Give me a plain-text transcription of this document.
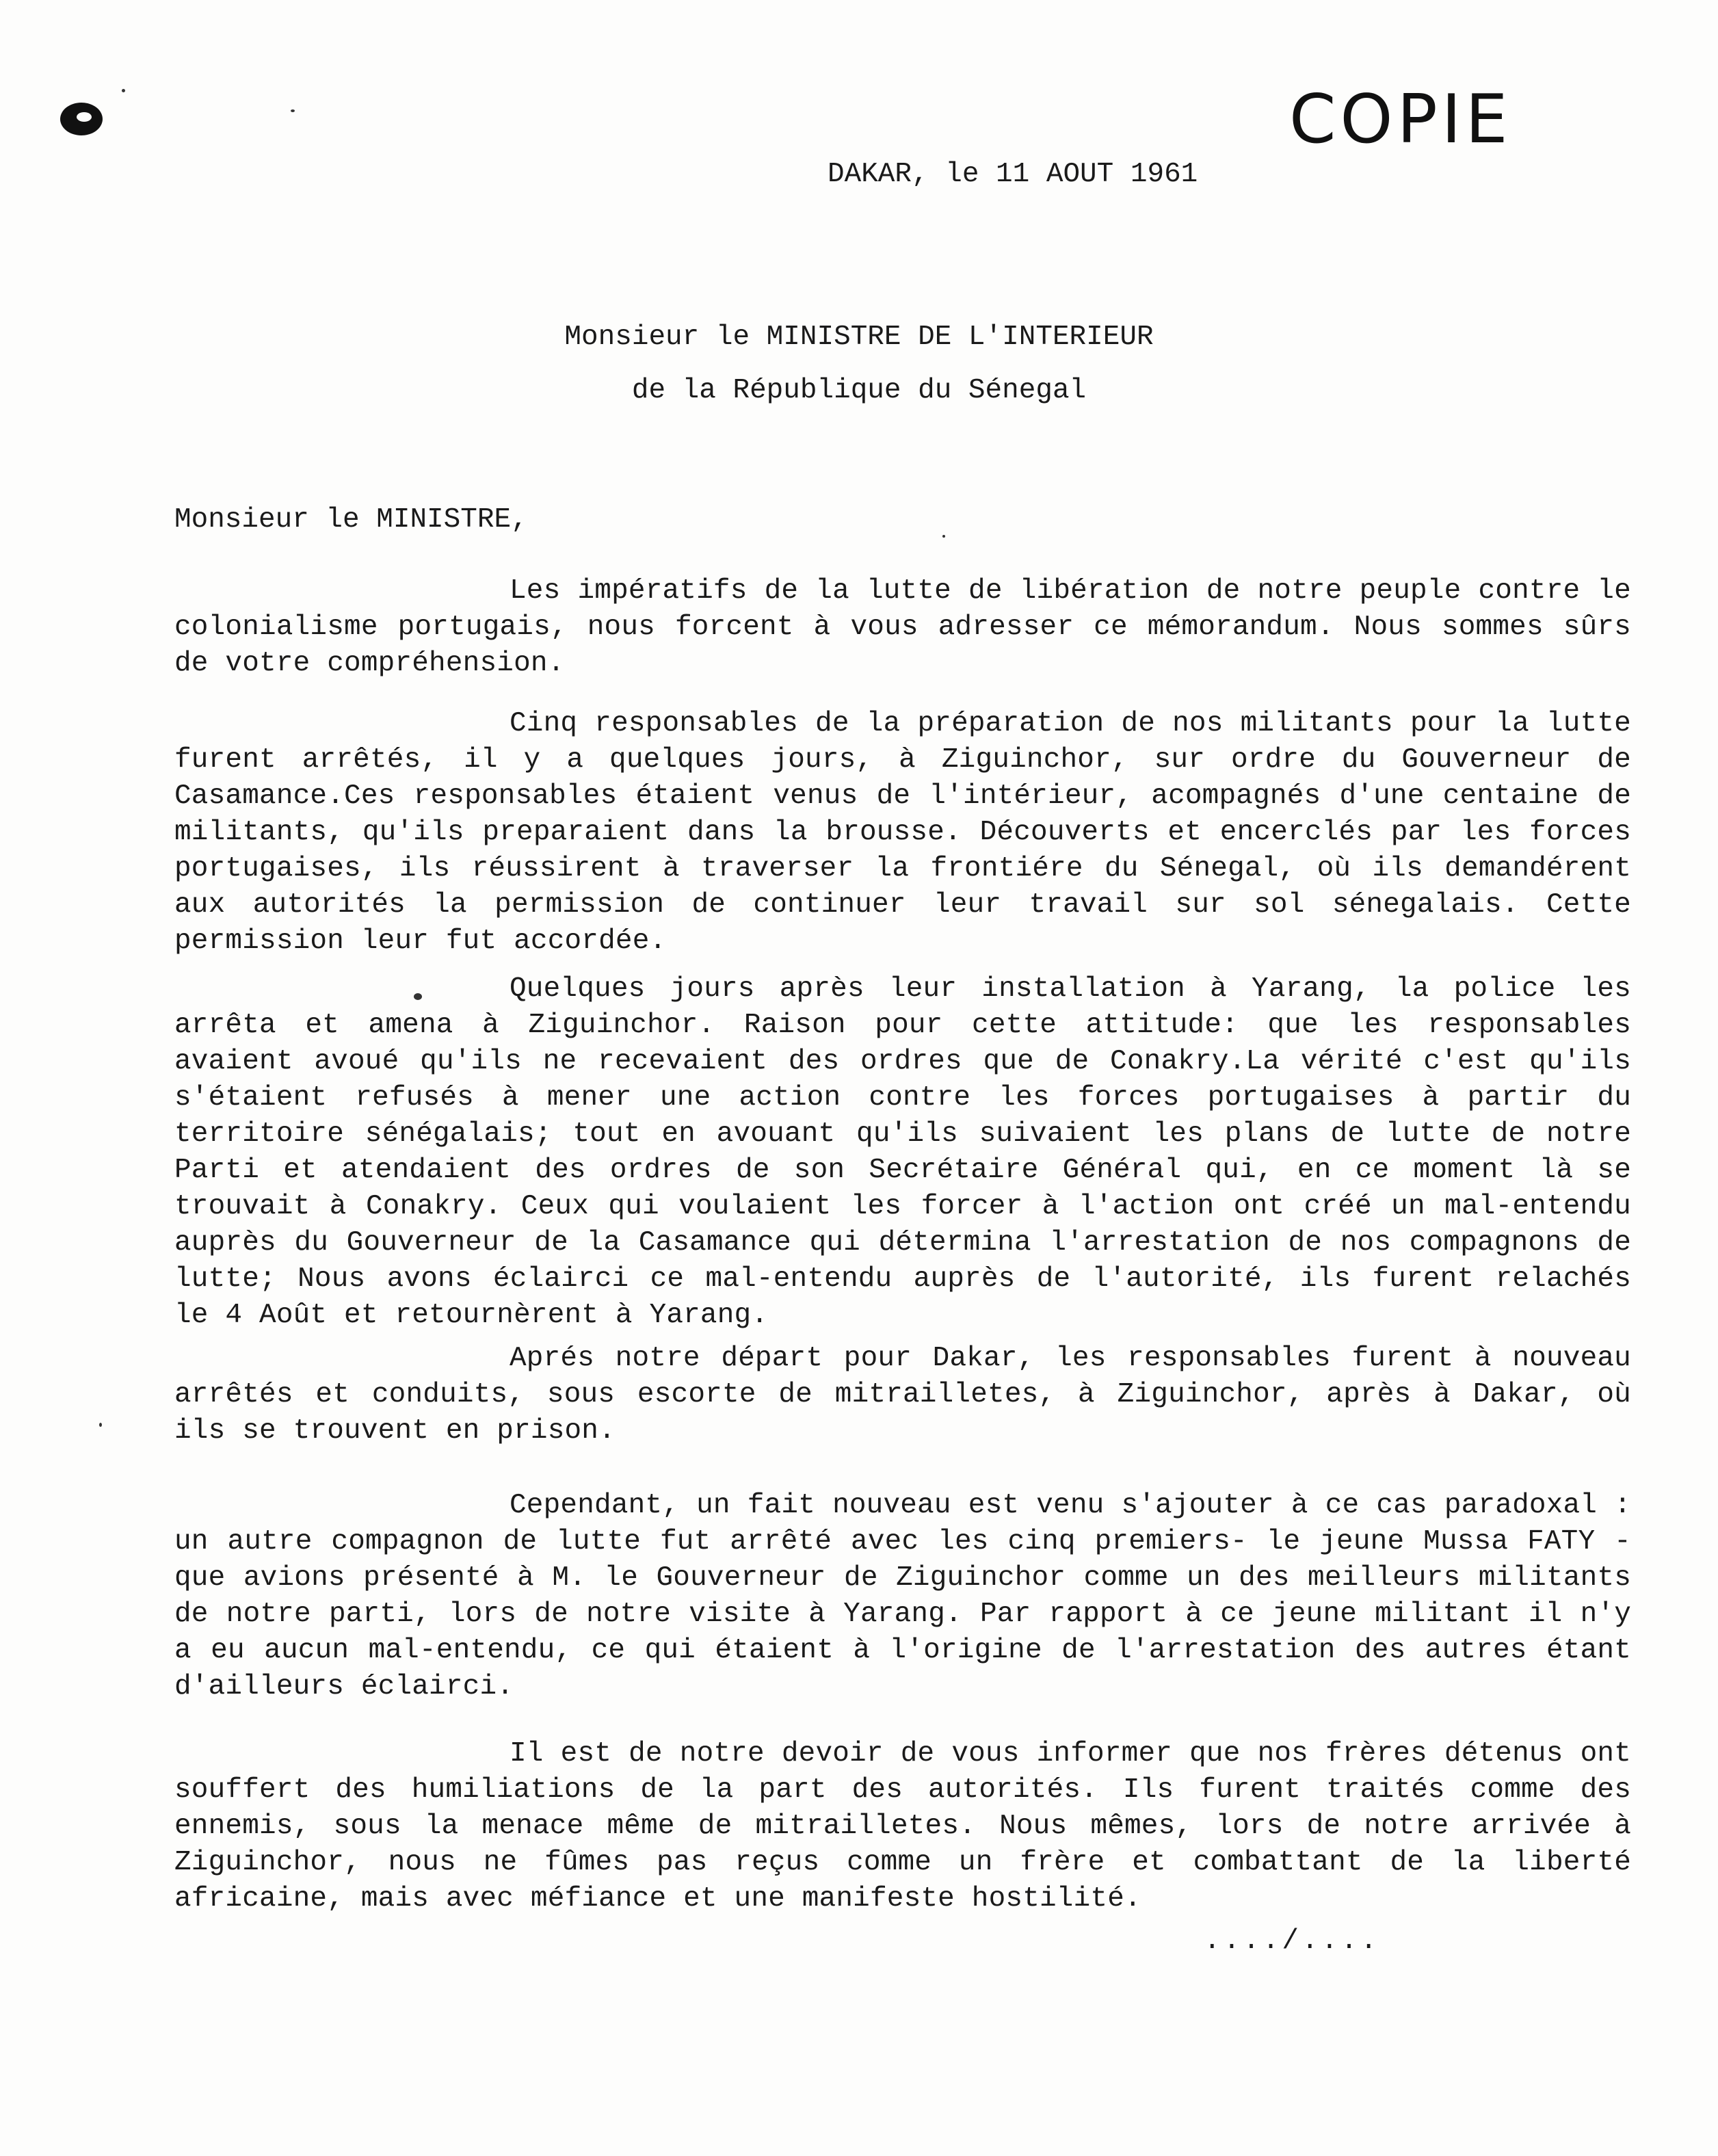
COPIE
DAKAR, le 11 AOUT 1961
Monsieur le MINISTRE DE L'INTERIEUR
de la République du Sénegal
Monsieur le MINISTRE,

Les impératifs de la lutte de libération de notre peuple contre le colonialisme portugais, nous forcent à vous adresser ce mémorandum. Nous sommes sûrs de votre compréhension.

Cinq responsables de la préparation de nos militants pour la lutte furent arrêtés, il y a quelques jours, à Ziguinchor, sur ordre du Gouverneur de Casamance.Ces responsables étaient venus de l'intérieur, acompagnés d'une centaine de militants, qu'ils preparaient dans la brousse. Découverts et encerclés par les forces portugaises, ils réussirent à traverser la frontiére du Sénegal, où ils demandérent aux autorités la permission de continuer leur travail sur sol sénegalais. Cette permission leur fut accordée.

Quelques jours après leur installation à Yarang, la police les arrêta et amena à Ziguinchor. Raison pour cette attitude: que les responsables avaient avoué qu'ils ne recevaient des ordres que de Conakry.La vérité c'est qu'ils s'étaient refusés à mener une action contre les forces portugaises à partir du territoire sénégalais; tout en avouant qu'ils suivaient les plans de lutte de notre Parti et atendaient des ordres de son Secrétaire Général qui, en ce moment là se trouvait à Conakry. Ceux qui voulaient les forcer à l'action ont créé un mal-entendu auprès du Gouverneur de la Casamance qui détermina l'arrestation de nos compagnons de lutte; Nous avons éclairci ce mal-entendu auprès de l'autorité, ils furent relachés le 4 Août et retournèrent à Yarang.

Aprés notre départ pour Dakar, les responsables furent à nouveau arrêtés et conduits, sous escorte de mitrailletes, à Ziguinchor, après à Dakar, où ils se trouvent en prison.

Cependant, un fait nouveau est venu s'ajouter à ce cas paradoxal : un autre compagnon de lutte fut arrêté avec les cinq premiers- le jeune Mussa FATY - que avions présenté à M. le Gouverneur de Ziguinchor comme un des meilleurs militants de notre parti, lors de notre visite à Yarang. Par rapport à ce jeune militant il n'y a eu aucun mal-entendu, ce qui étaient à l'origine de l'arrestation des autres étant d'ailleurs éclairci.

Il est de notre devoir de vous informer que nos frères détenus ont souffert des humiliations de la part des autorités. Ils furent traités comme des ennemis, sous la menace même de mitrailletes. Nous mêmes, lors de notre arrivée à Ziguinchor, nous ne fûmes pas reçus comme un frère et combattant de la liberté africaine, mais avec méfiance et une manifeste hostilité.

..../....
